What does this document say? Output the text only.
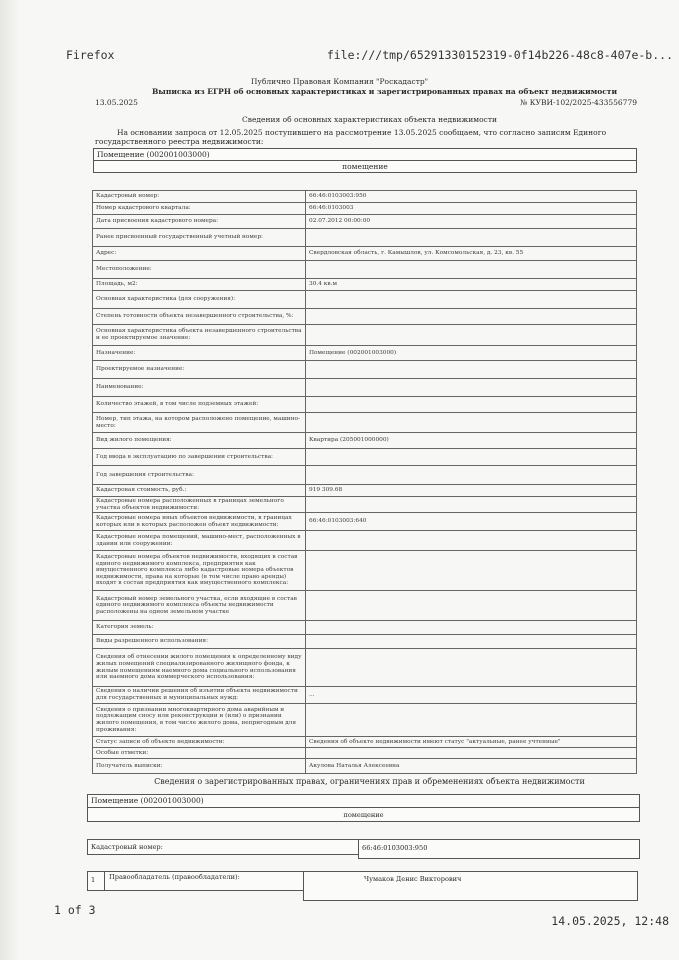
Firefox	file:///tmp/65291330152319-0f14b226-48c8-407e-b...
Публично Правовая Компания "Роскадастр"
Выписка из ЕГРН об основных характеристиках и зарегистрированных правах на объект недвижимости
13.05.2025	№ КУВИ-102/2025-433556779
Сведения об основных характеристиках объекта недвижимости
На основании запроса от 12.05.2025 поступившего на рассмотрение 13.05.2025 сообщаем, что согласно записям Единого государственного реестра недвижимости:
Помещение (002001003000)
помещение
Кадастровый номер:	66:46:0103003:950
Номер кадастрового квартала:	66:46:0103003
Дата присвоения кадастрового номера:	02.07.2012 00:00:00
Ранее присвоенный государственный учетный номер:	
Адрес:	Свердловская область, г. Камышлов, ул. Комсомольская, д. 23, кв. 55
Местоположение:	
Площадь, м2:	30.4 кв.м
Основная характеристика (для сооружения):	
Степень готовности объекта незавершенного строительства, %:	
Основная характеристика объекта незавершенного строительства и ее проектируемое значение:	
Назначение:	Помещение (002001003000)
Проектируемое назначение:	
Наименование:	
Количество этажей, в том числе подземных этажей:	
Номер, тип этажа, на котором расположено помещение, машино-место:	
Вид жилого помещения:	Квартира (205001000000)
Год ввода в эксплуатацию по завершении строительства:	
Год завершения строительства:	
Кадастровая стоимость, руб.:	919 309.68
Кадастровые номера расположенных в границах земельного участка объектов недвижимости:	
Кадастровые номера иных объектов недвижимости, в границах которых или в которых расположен объект недвижимости:	66:46:0103003:640
Кадастровые номера помещений, машино-мест, расположенных в здании или сооружении:	
Кадастровые номера объектов недвижимости, входящих в состав единого недвижимого комплекса, предприятия как имущественного комплекса либо кадастровые номера объектов недвижимости, права на которые (в том числе право аренды) входят в состав предприятия как имущественного комплекса:	
Кадастровый номер земельного участка, если входящие в состав единого недвижимого комплекса объекты недвижимости расположены на одном земельном участке	
Категория земель:	
Виды разрешенного использования:	
Сведения об отнесении жилого помещения к определенному виду жилых помещений специализированного жилищного фонда, к жилым помещениям наемного дома социального использования или наемного дома коммерческого использования:	
Сведения о наличии решения об изъятии объекта недвижимости для государственных и муниципальных нужд:	...
Сведения о признании многоквартирного дома аварийным и подлежащим сносу или реконструкции и (или) о признании жилого помещения, в том числе жилого дома, непригодным для проживания:	
Статус записи об объекте недвижимости:	Сведения об объекте недвижимости имеют статус "актуальные, ранее учтенные"
Особые отметки:	
Получатель выписки:	Акулова Наталья Алексеевна
Сведения о зарегистрированных правах, ограничениях прав и обременениях объекта недвижимости
Помещение (002001003000)
помещение
Кадастровый номер:	66:46:0103003:950
1	Правообладатель (правообладатели):	Чумаков Денис Викторович
1 of 3
14.05.2025, 12:48
